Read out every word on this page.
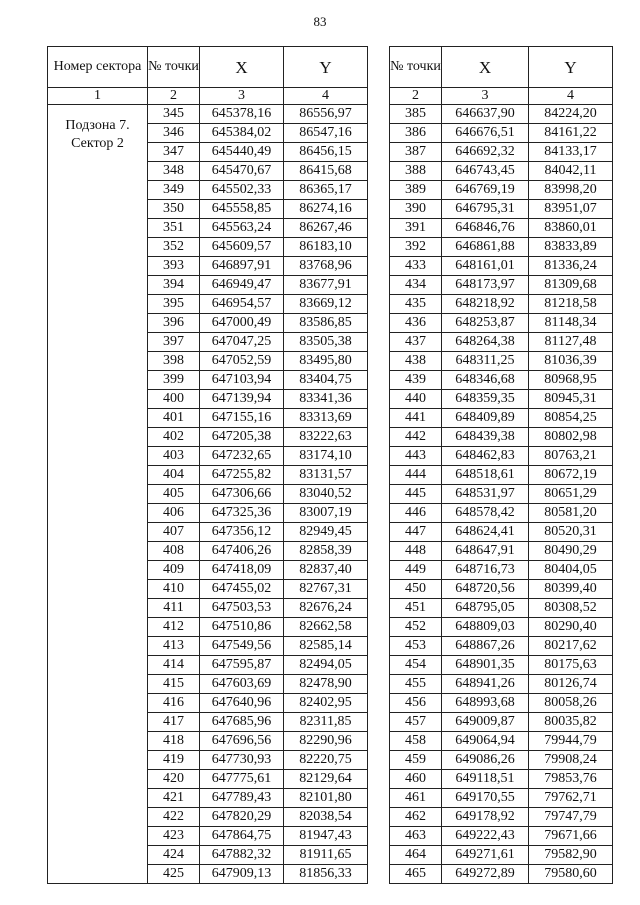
83
Номер сектора	№ точки	X	Y
1	2	3	4
Подзона 7. Сектор 2	345	645378,16	86556,97
	346	645384,02	86547,16
	347	645440,49	86456,15
	348	645470,67	86415,68
	349	645502,33	86365,17
	350	645558,85	86274,16
	351	645563,24	86267,46
	352	645609,57	86183,10
	393	646897,91	83768,96
	394	646949,47	83677,91
	395	646954,57	83669,12
	396	647000,49	83586,85
	397	647047,25	83505,38
	398	647052,59	83495,80
	399	647103,94	83404,75
	400	647139,94	83341,36
	401	647155,16	83313,69
	402	647205,38	83222,63
	403	647232,65	83174,10
	404	647255,82	83131,57
	405	647306,66	83040,52
	406	647325,36	83007,19
	407	647356,12	82949,45
	408	647406,26	82858,39
	409	647418,09	82837,40
	410	647455,02	82767,31
	411	647503,53	82676,24
	412	647510,86	82662,58
	413	647549,56	82585,14
	414	647595,87	82494,05
	415	647603,69	82478,90
	416	647640,96	82402,95
	417	647685,96	82311,85
	418	647696,56	82290,96
	419	647730,93	82220,75
	420	647775,61	82129,64
	421	647789,43	82101,80
	422	647820,29	82038,54
	423	647864,75	81947,43
	424	647882,32	81911,65
	425	647909,13	81856,33
№ точки	X	Y
2	3	4
385	646637,90	84224,20
386	646676,51	84161,22
387	646692,32	84133,17
388	646743,45	84042,11
389	646769,19	83998,20
390	646795,31	83951,07
391	646846,76	83860,01
392	646861,88	83833,89
433	648161,01	81336,24
434	648173,97	81309,68
435	648218,92	81218,58
436	648253,87	81148,34
437	648264,38	81127,48
438	648311,25	81036,39
439	648346,68	80968,95
440	648359,35	80945,31
441	648409,89	80854,25
442	648439,38	80802,98
443	648462,83	80763,21
444	648518,61	80672,19
445	648531,97	80651,29
446	648578,42	80581,20
447	648624,41	80520,31
448	648647,91	80490,29
449	648716,73	80404,05
450	648720,56	80399,40
451	648795,05	80308,52
452	648809,03	80290,40
453	648867,26	80217,62
454	648901,35	80175,63
455	648941,26	80126,74
456	648993,68	80058,26
457	649009,87	80035,82
458	649064,94	79944,79
459	649086,26	79908,24
460	649118,51	79853,76
461	649170,55	79762,71
462	649178,92	79747,79
463	649222,43	79671,66
464	649271,61	79582,90
465	649272,89	79580,60
